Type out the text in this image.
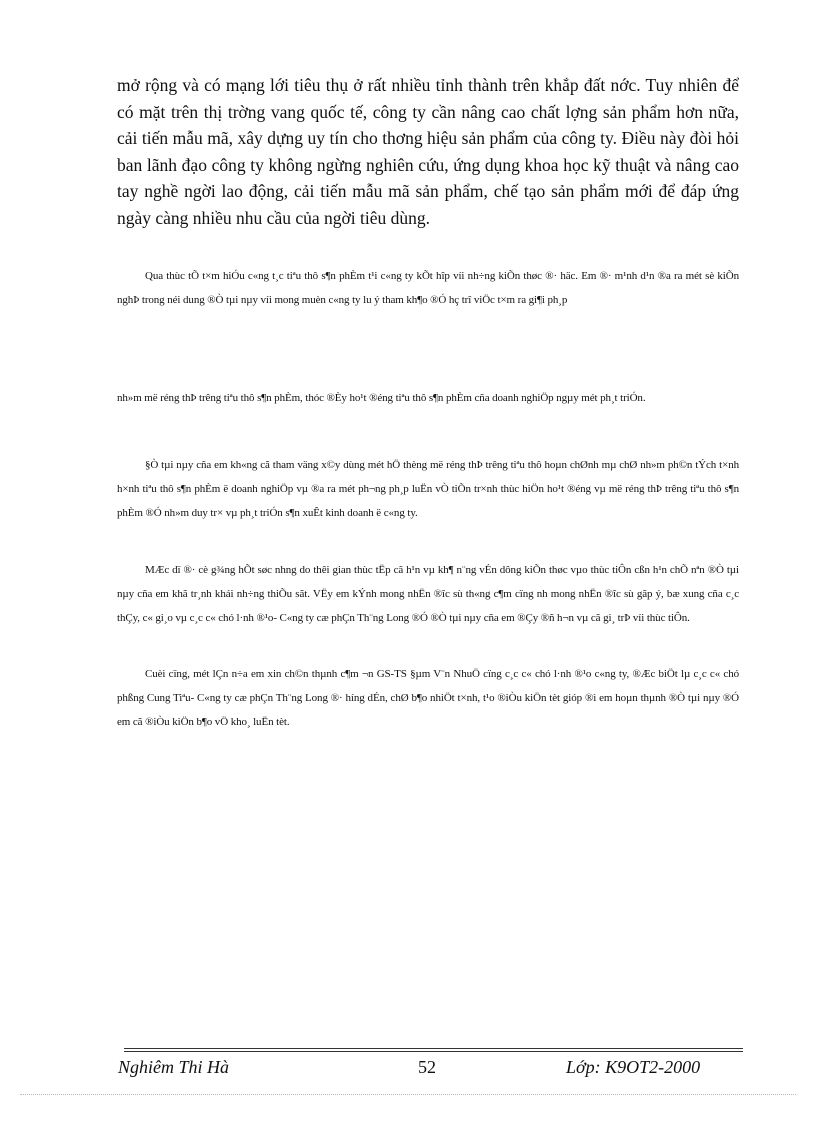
mở rộng và có mạng lới tiêu thụ ở rất nhiều tỉnh thành trên khắp đất nớc. Tuy nhiên để có mặt trên thị trờng vang quốc tế, công ty cần nâng cao chất lợng sản phẩm hơn nữa, cải tiến mẫu mã, xây dựng uy tín cho thơng hiệu sản phẩm của công ty. Điều này đòi hỏi ban lãnh đạo công ty không ngừng nghiên cứu, ứng dụng khoa học kỹ thuật và nâng cao tay nghề ngời lao động, cải tiến mẫu mã sản phẩm, chế tạo sản phẩm mới để đáp ứng ngày càng nhiều nhu cầu của ngời tiêu dùng.

Qua thùc tÕ t×m hiÓu c«ng t¸c tiªu thô s¶n phÈm t¹i c«ng ty kÕt hîp víi nh÷ng kiÕn thøc ®· häc. Em ®· m¹nh d¹n ®a ra mét sè kiÕn nghÞ trong néi dung ®Ò tµi nµy víi mong muèn c«ng ty lu ý tham kh¶o ®Ó hç trî viÖc t×m ra gi¶i ph¸p

nh»m më réng thÞ trêng tiªu thô s¶n phÈm, thóc ®Èy ho¹t ®éng tiªu thô s¶n phÈm cña doanh nghiÖp ngµy mét ph¸t triÓn.

§Ò tµi nµy cña em kh«ng cã tham väng x©y dùng mét hÖ thèng më réng thÞ trêng tiªu thô hoµn chØnh mµ chØ nh»m ph©n tÝch t×nh h×nh tiªu thô s¶n phÈm ë doanh nghiÖp vµ ®a ra mét ph¬ng ph¸p luËn vÒ tiÕn tr×nh thùc hiÖn ho¹t ®éng vµ më réng thÞ trêng tiªu thô s¶n phÈm ®Ó nh»m duy tr× vµ ph¸t triÓn s¶n xuÊt kinh doanh ë c«ng ty.

MÆc dï ®· cè g¾ng hÕt søc nhng do thêi gian thùc tËp cã h¹n vµ kh¶ n¨ng vÉn dông kiÕn thøc vµo thùc tiÔn cßn h¹n chÕ nªn ®Ò tµi nµy cña em khã tr¸nh khái nh÷ng thiÕu sãt. VËy em kÝnh mong nhËn ®îc sù th«ng c¶m cïng nh mong nhËn ®îc sù gãp ý, bæ xung cña c¸c thÇy, c« gi¸o vµ c¸c c« chó l·nh ®¹o- C«ng ty cæ phÇn Th¨ng Long ®Ó ®Ò tµi nµy cña em ®Çy ®ñ h¬n vµ cã gi¸ trÞ víi thùc tiÔn.

Cuèi cïng, mét lÇn n÷a em xin ch©n thµnh c¶m ¬n GS-TS §µm V¨n NhuÖ cïng c¸c c« chó l·nh ®¹o c«ng ty, ®Æc biÖt lµ c¸c c« chó phßng Cung Tiªu- C«ng ty cæ phÇn Th¨ng Long ®· híng dÉn, chØ b¶o nhiÖt t×nh, t¹o ®iÒu kiÖn tèt gióp ®ì em hoµn thµnh ®Ò tµi nµy ®Ó em cã ®iÒu kiÖn b¶o vÖ kho¸ luËn tèt.

Nghiêm Thi Hà	52	Lớp: K9OT2-2000
